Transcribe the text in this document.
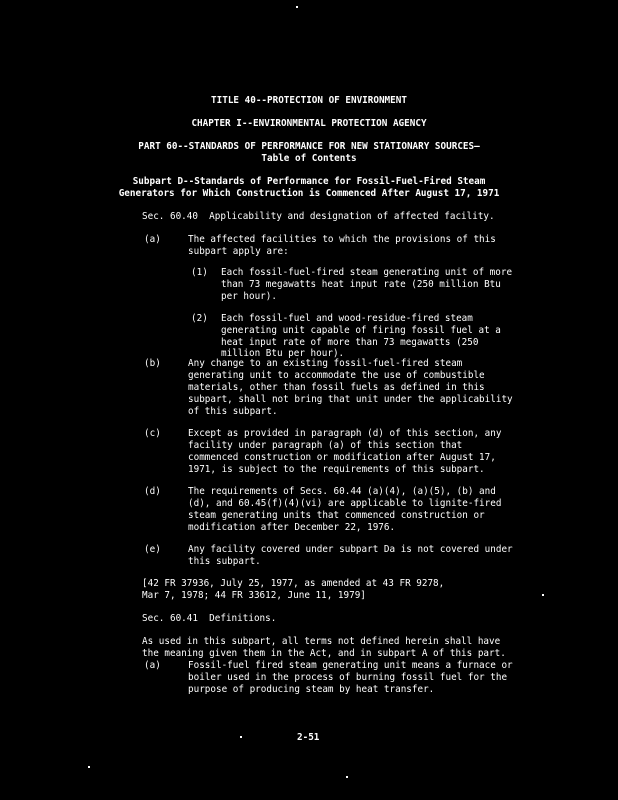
TITLE 40--PROTECTION OF ENVIRONMENT

CHAPTER I--ENVIRONMENTAL PROTECTION AGENCY

PART 60--STANDARDS OF PERFORMANCE FOR NEW STATIONARY SOURCES—

Table of Contents

Subpart D--Standards of Performance for Fossil-Fuel-Fired Steam

Generators for Which Construction is Commenced After August 17, 1971

Sec. 60.40  Applicability and designation of affected facility.

(a)	The affected facilities to which the provisions of this

subpart apply are:

(1) Each fossil-fuel-fired steam generating unit of more

than 73 megawatts heat input rate (250 million Btu

per hour).

(2) Each fossil-fuel and wood-residue-fired steam

generating unit capable of firing fossil fuel at a

heat input rate of more than 73 megawatts (250

million Btu per hour).

(b)	Any change to an existing fossil-fuel-fired steam

generating unit to accommodate the use of combustible

materials, other than fossil fuels as defined in this

subpart, shall not bring that unit under the applicability

of this subpart.

(c)	Except as provided in paragraph (d) of this section, any

facility under paragraph (a) of this section that

commenced construction or modification after August 17,

1971, is subject to the requirements of this subpart.

(d)	The requirements of Secs. 60.44 (a)(4), (a)(5), (b) and

(d), and 60.45(f)(4)(vi) are applicable to lignite-fired

steam generating units that commenced construction or

modification after December 22, 1976.

(e)	Any facility covered under subpart Da is not covered under

this subpart.

[42 FR 37936, July 25, 1977, as amended at 43 FR 9278,

Mar 7, 1978; 44 FR 33612, June 11, 1979]

Sec. 60.41  Definitions.

As used in this subpart, all terms not defined herein shall have

the meaning given them in the Act, and in subpart A of this part.

(a)	Fossil-fuel fired steam generating unit means a furnace or

boiler used in the process of burning fossil fuel for the

purpose of producing steam by heat transfer.

2-51
